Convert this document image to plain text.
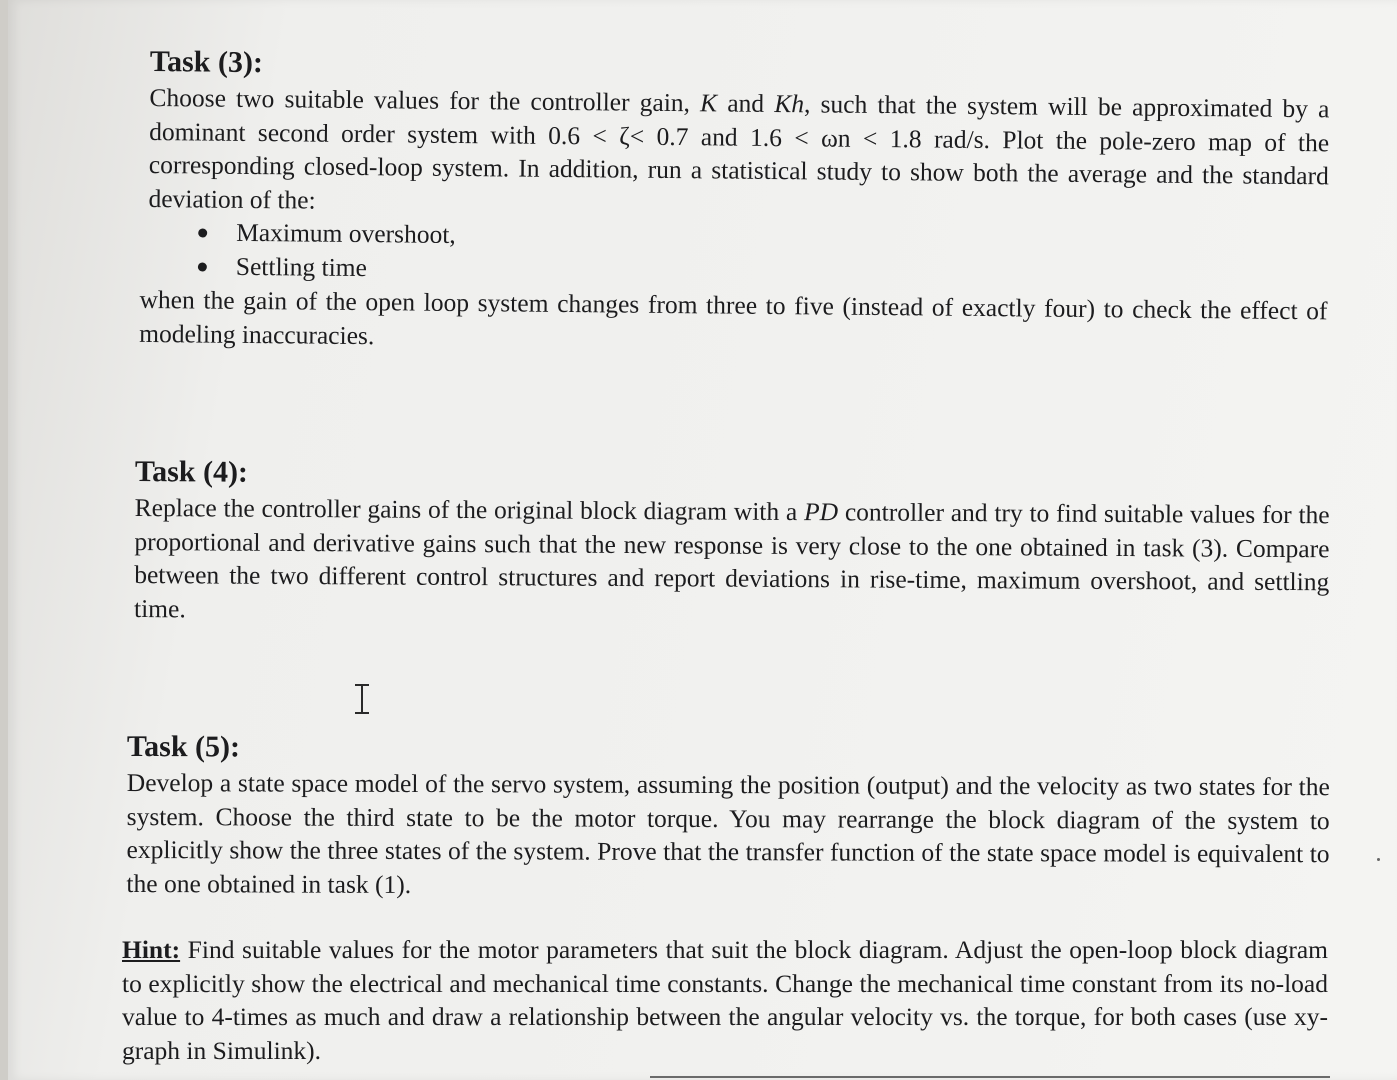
Task (3):

Choose two suitable values for the controller gain, K and Kh, such that the system will be approximated by a dominant second order system with 0.6 < ζ< 0.7 and 1.6 < ωn < 1.8 rad/s. Plot the pole-zero map of the corresponding closed-loop system. In addition, run a statistical study to show both the average and the standard deviation of the:

Maximum overshoot,
Settling time

when the gain of the open loop system changes from three to five (instead of exactly four) to check the effect of modeling inaccuracies.

Task (4):

Replace the controller gains of the original block diagram with a PD controller and try to find suitable values for the proportional and derivative gains such that the new response is very close to the one obtained in task (3). Compare between the two different control structures and report deviations in rise-time, maximum overshoot, and settling time.

Task (5):

Develop a state space model of the servo system, assuming the position (output) and the velocity as two states for the system. Choose the third state to be the motor torque. You may rearrange the block diagram of the system to explicitly show the three states of the system. Prove that the transfer function of the state space model is equivalent to the one obtained in task (1).

Hint: Find suitable values for the motor parameters that suit the block diagram. Adjust the open-loop block diagram to explicitly show the electrical and mechanical time constants. Change the mechanical time constant from its no-load value to 4-times as much and draw a relationship between the angular velocity vs. the torque, for both cases (use xy-graph in Simulink).
